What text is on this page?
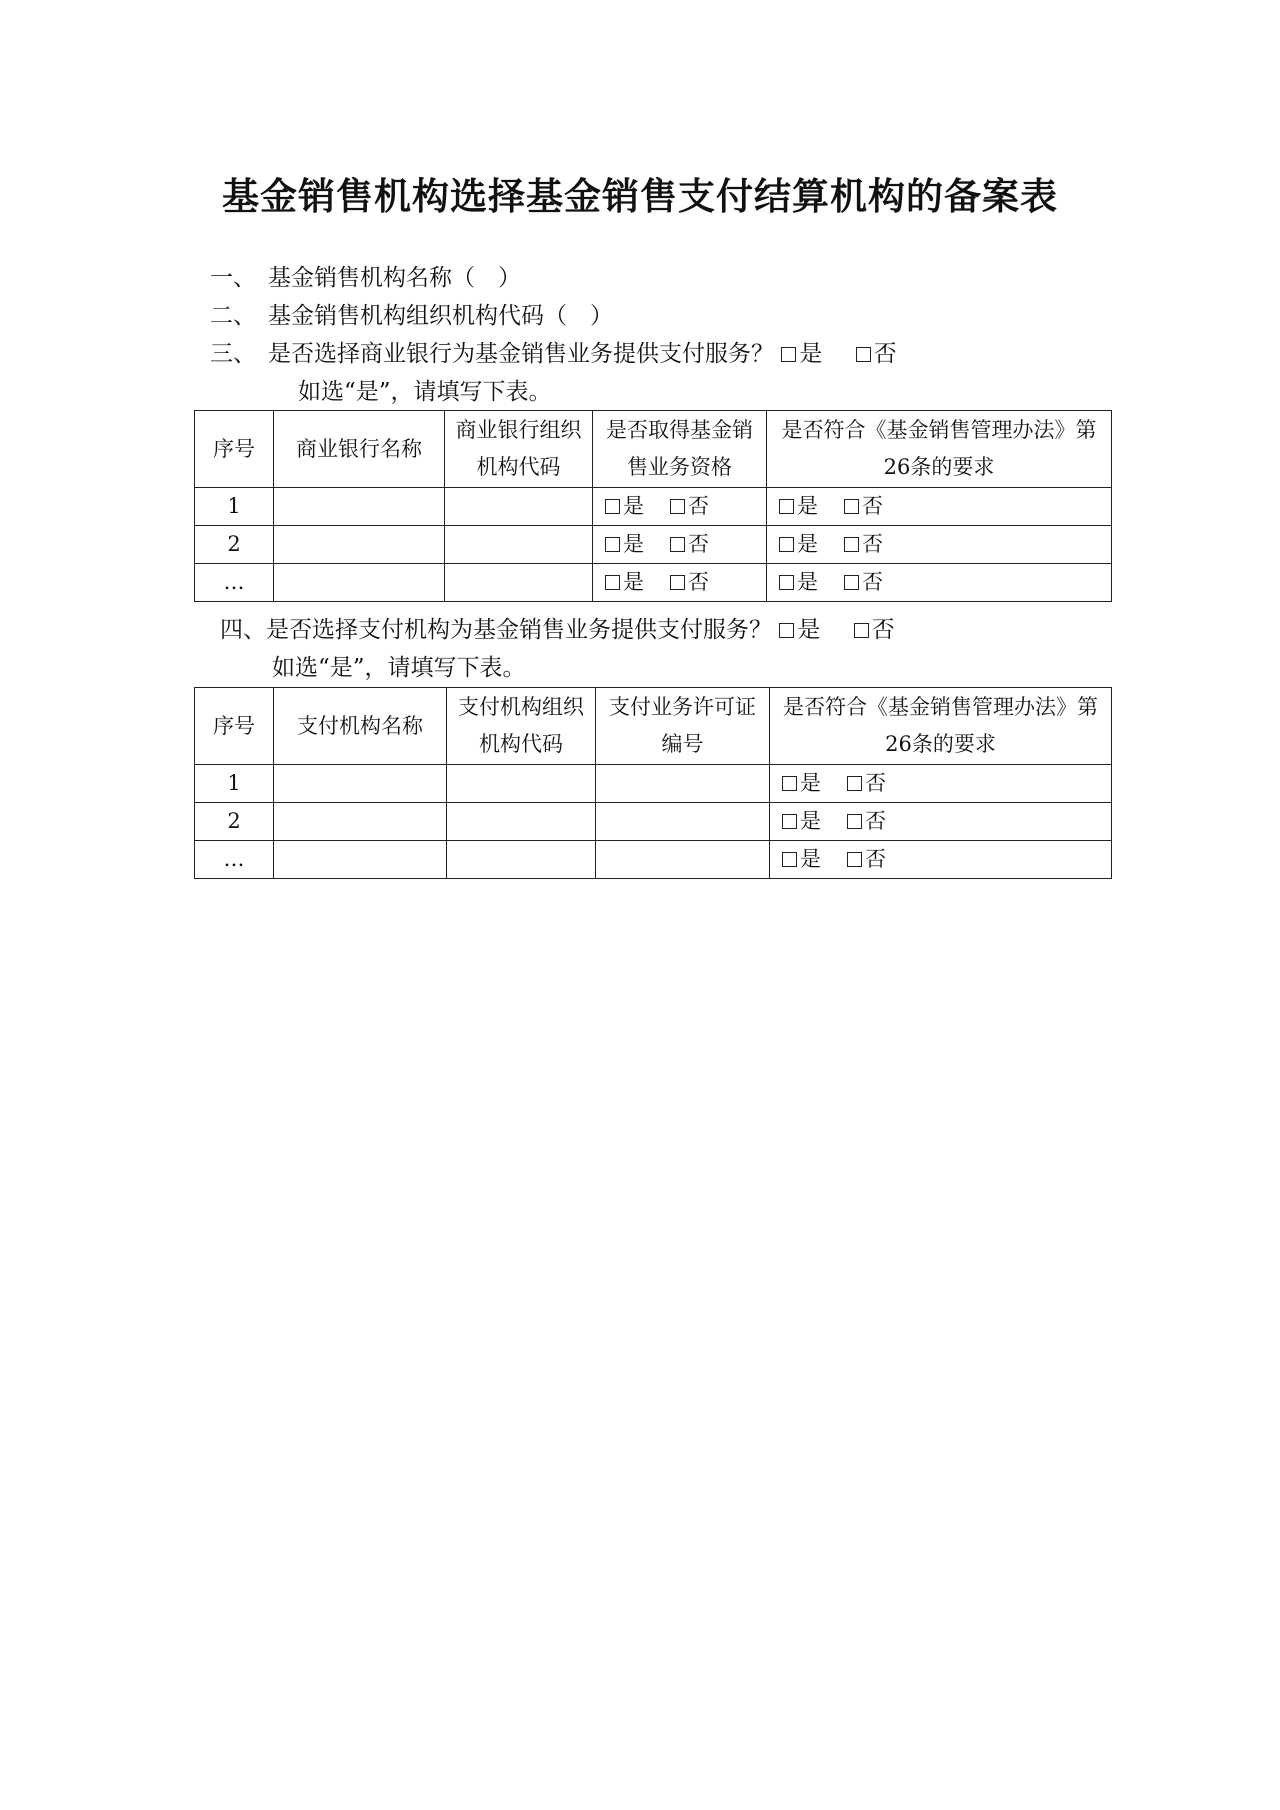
基金销售机构选择基金销售支付结算机构的备案表
一、 基金销售机构名称（　）
二、 基金销售机构组织机构代码（　）
三、 是否选择商业银行为基金销售业务提供支付服务？ 是 否
如选“是”，请填写下表。
序号	商业银行名称	商业银行组织机构代码	是否取得基金销售业务资格	是否符合《基金销售管理办法》第26条的要求
1			是 否	是 否
2			是 否	是 否
…			是 否	是 否
四、是否选择支付机构为基金销售业务提供支付服务？ 是 否
如选“是”，请填写下表。
序号	支付机构名称	支付机构组织机构代码	支付业务许可证编号	是否符合《基金销售管理办法》第26条的要求
1				是 否
2				是 否
…				是 否
